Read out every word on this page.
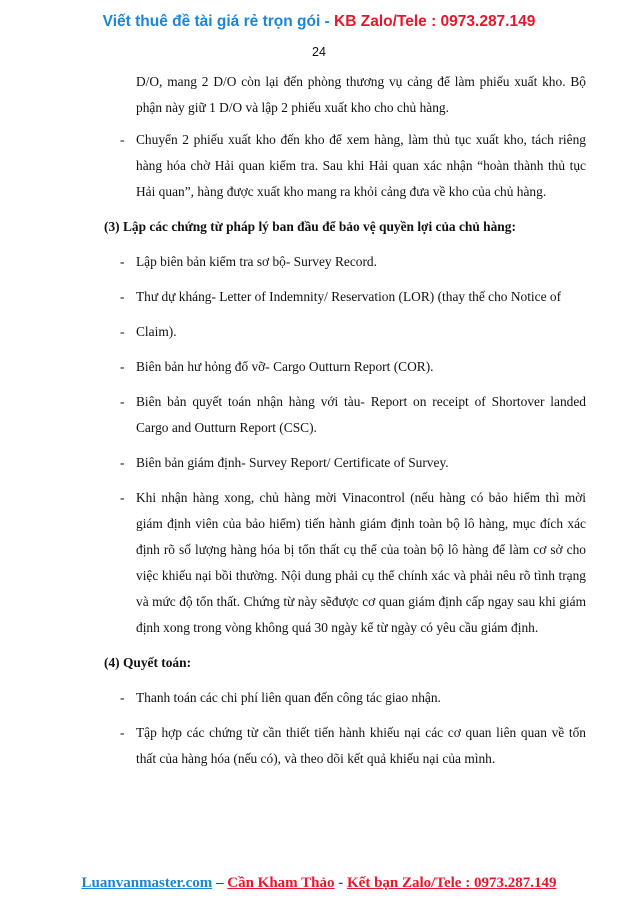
Viết thuê đề tài giá rẻ trọn gói - KB Zalo/Tele : 0973.287.149
24
D/O, mang 2 D/O còn lại đến phòng thương vụ cảng để làm phiếu xuất kho. Bộ phận này giữ 1 D/O và lập 2 phiếu xuất kho cho chủ hàng.
- Chuyển 2 phiếu xuất kho đến kho để xem hàng, làm thủ tục xuất kho, tách riêng hàng hóa chờ Hải quan kiểm tra. Sau khi Hải quan xác nhận “hoàn thành thủ tục Hải quan”, hàng được xuất kho mang ra khỏi cảng đưa về kho của chủ hàng.
(3) Lập các chứng từ pháp lý ban đầu để bảo vệ quyền lợi của chủ hàng:
- Lập biên bản kiểm tra sơ bộ- Survey Record.
- Thư dự kháng- Letter of Indemnity/ Reservation (LOR) (thay thế cho Notice of
- Claim).
- Biên bản hư hỏng đổ vỡ- Cargo Outturn Report (COR).
- Biên bản quyết toán nhận hàng với tàu- Report on receipt of Shortover landed Cargo and Outturn Report (CSC).
- Biên bản giám định- Survey Report/ Certificate of Survey.
- Khi nhận hàng xong, chủ hàng mời Vinacontrol (nếu hàng có bảo hiểm thì mời giám định viên của bảo hiểm) tiến hành giám định toàn bộ lô hàng, mục đích xác định rõ số lượng hàng hóa bị tổn thất cụ thể của toàn bộ lô hàng để làm cơ sở cho việc khiếu nại bồi thường. Nội dung phải cụ thể chính xác và phải nêu rõ tình trạng và mức độ tổn thất. Chứng từ này sẽđược cơ quan giám định cấp ngay sau khi giám định xong trong vòng không quá 30 ngày kể từ ngày có yêu cầu giám định.
(4) Quyết toán:
- Thanh toán các chi phí liên quan đến công tác giao nhận.
- Tập hợp các chứng từ cần thiết tiến hành khiếu nại các cơ quan liên quan về tổn thất của hàng hóa (nếu có), và theo dõi kết quả khiếu nại của mình.
Luanvanmaster.com – Cần Kham Thảo - Kết bạn Zalo/Tele : 0973.287.149
